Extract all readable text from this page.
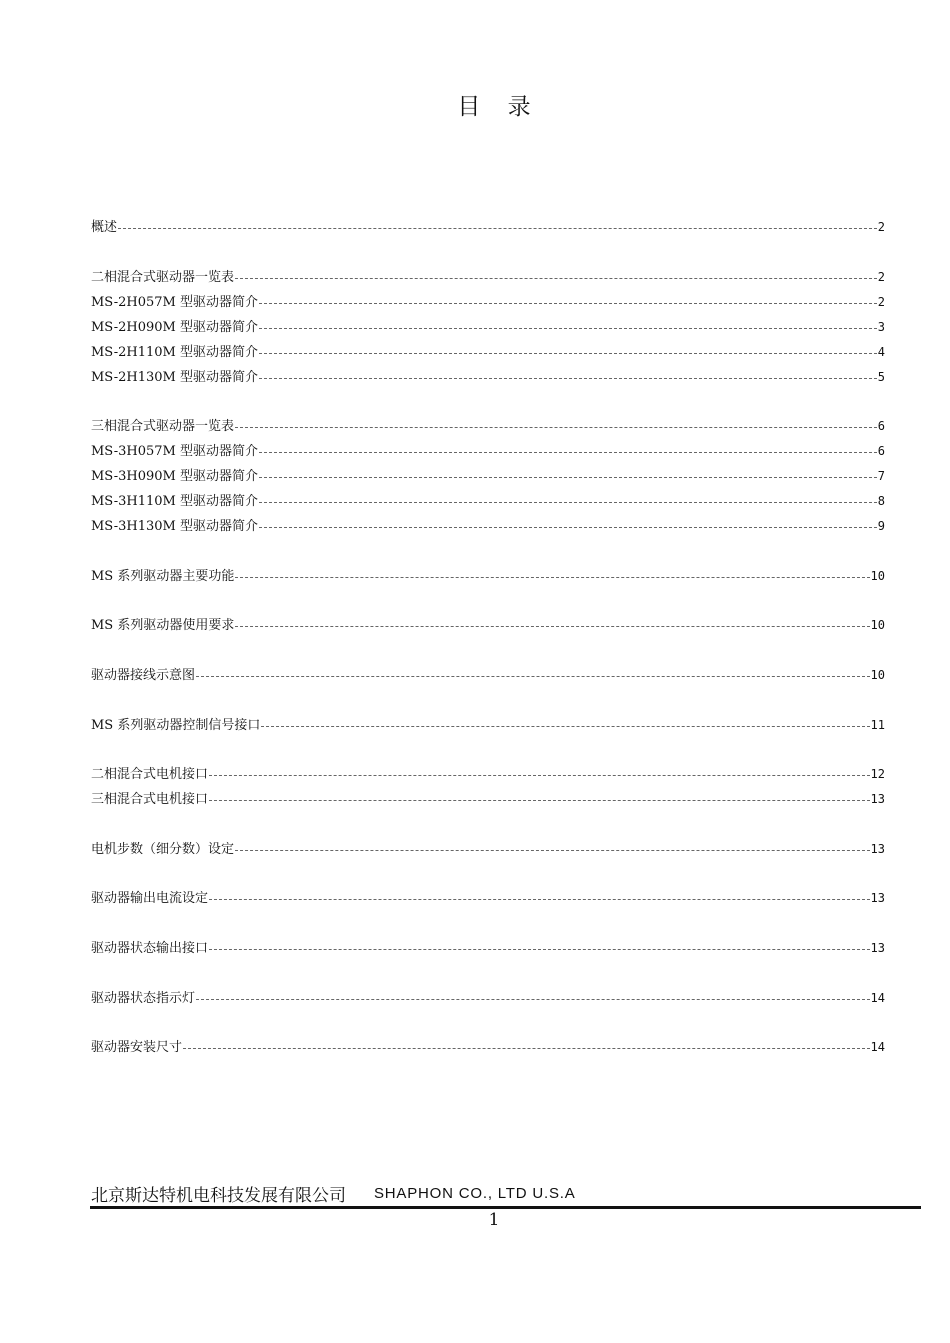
目 录
概述	2
二相混合式驱动器一览表	2
MS-2H057M 型驱动器简介	2
MS-2H090M 型驱动器简介	3
MS-2H110M 型驱动器简介	4
MS-2H130M 型驱动器简介	5
三相混合式驱动器一览表	6
MS-3H057M 型驱动器简介	6
MS-3H090M 型驱动器简介	7
MS-3H110M 型驱动器简介	8
MS-3H130M 型驱动器简介	9
MS 系列驱动器主要功能	10
MS 系列驱动器使用要求	10
驱动器接线示意图	10
MS 系列驱动器控制信号接口	11
二相混合式电机接口	12
三相混合式电机接口	13
电机步数（细分数）设定	13
驱动器输出电流设定	13
驱动器状态输出接口	13
驱动器状态指示灯	14
驱动器安装尺寸	14
北京斯达特机电科技发展有限公司 SHAPHON CO., LTD U.S.A
1
